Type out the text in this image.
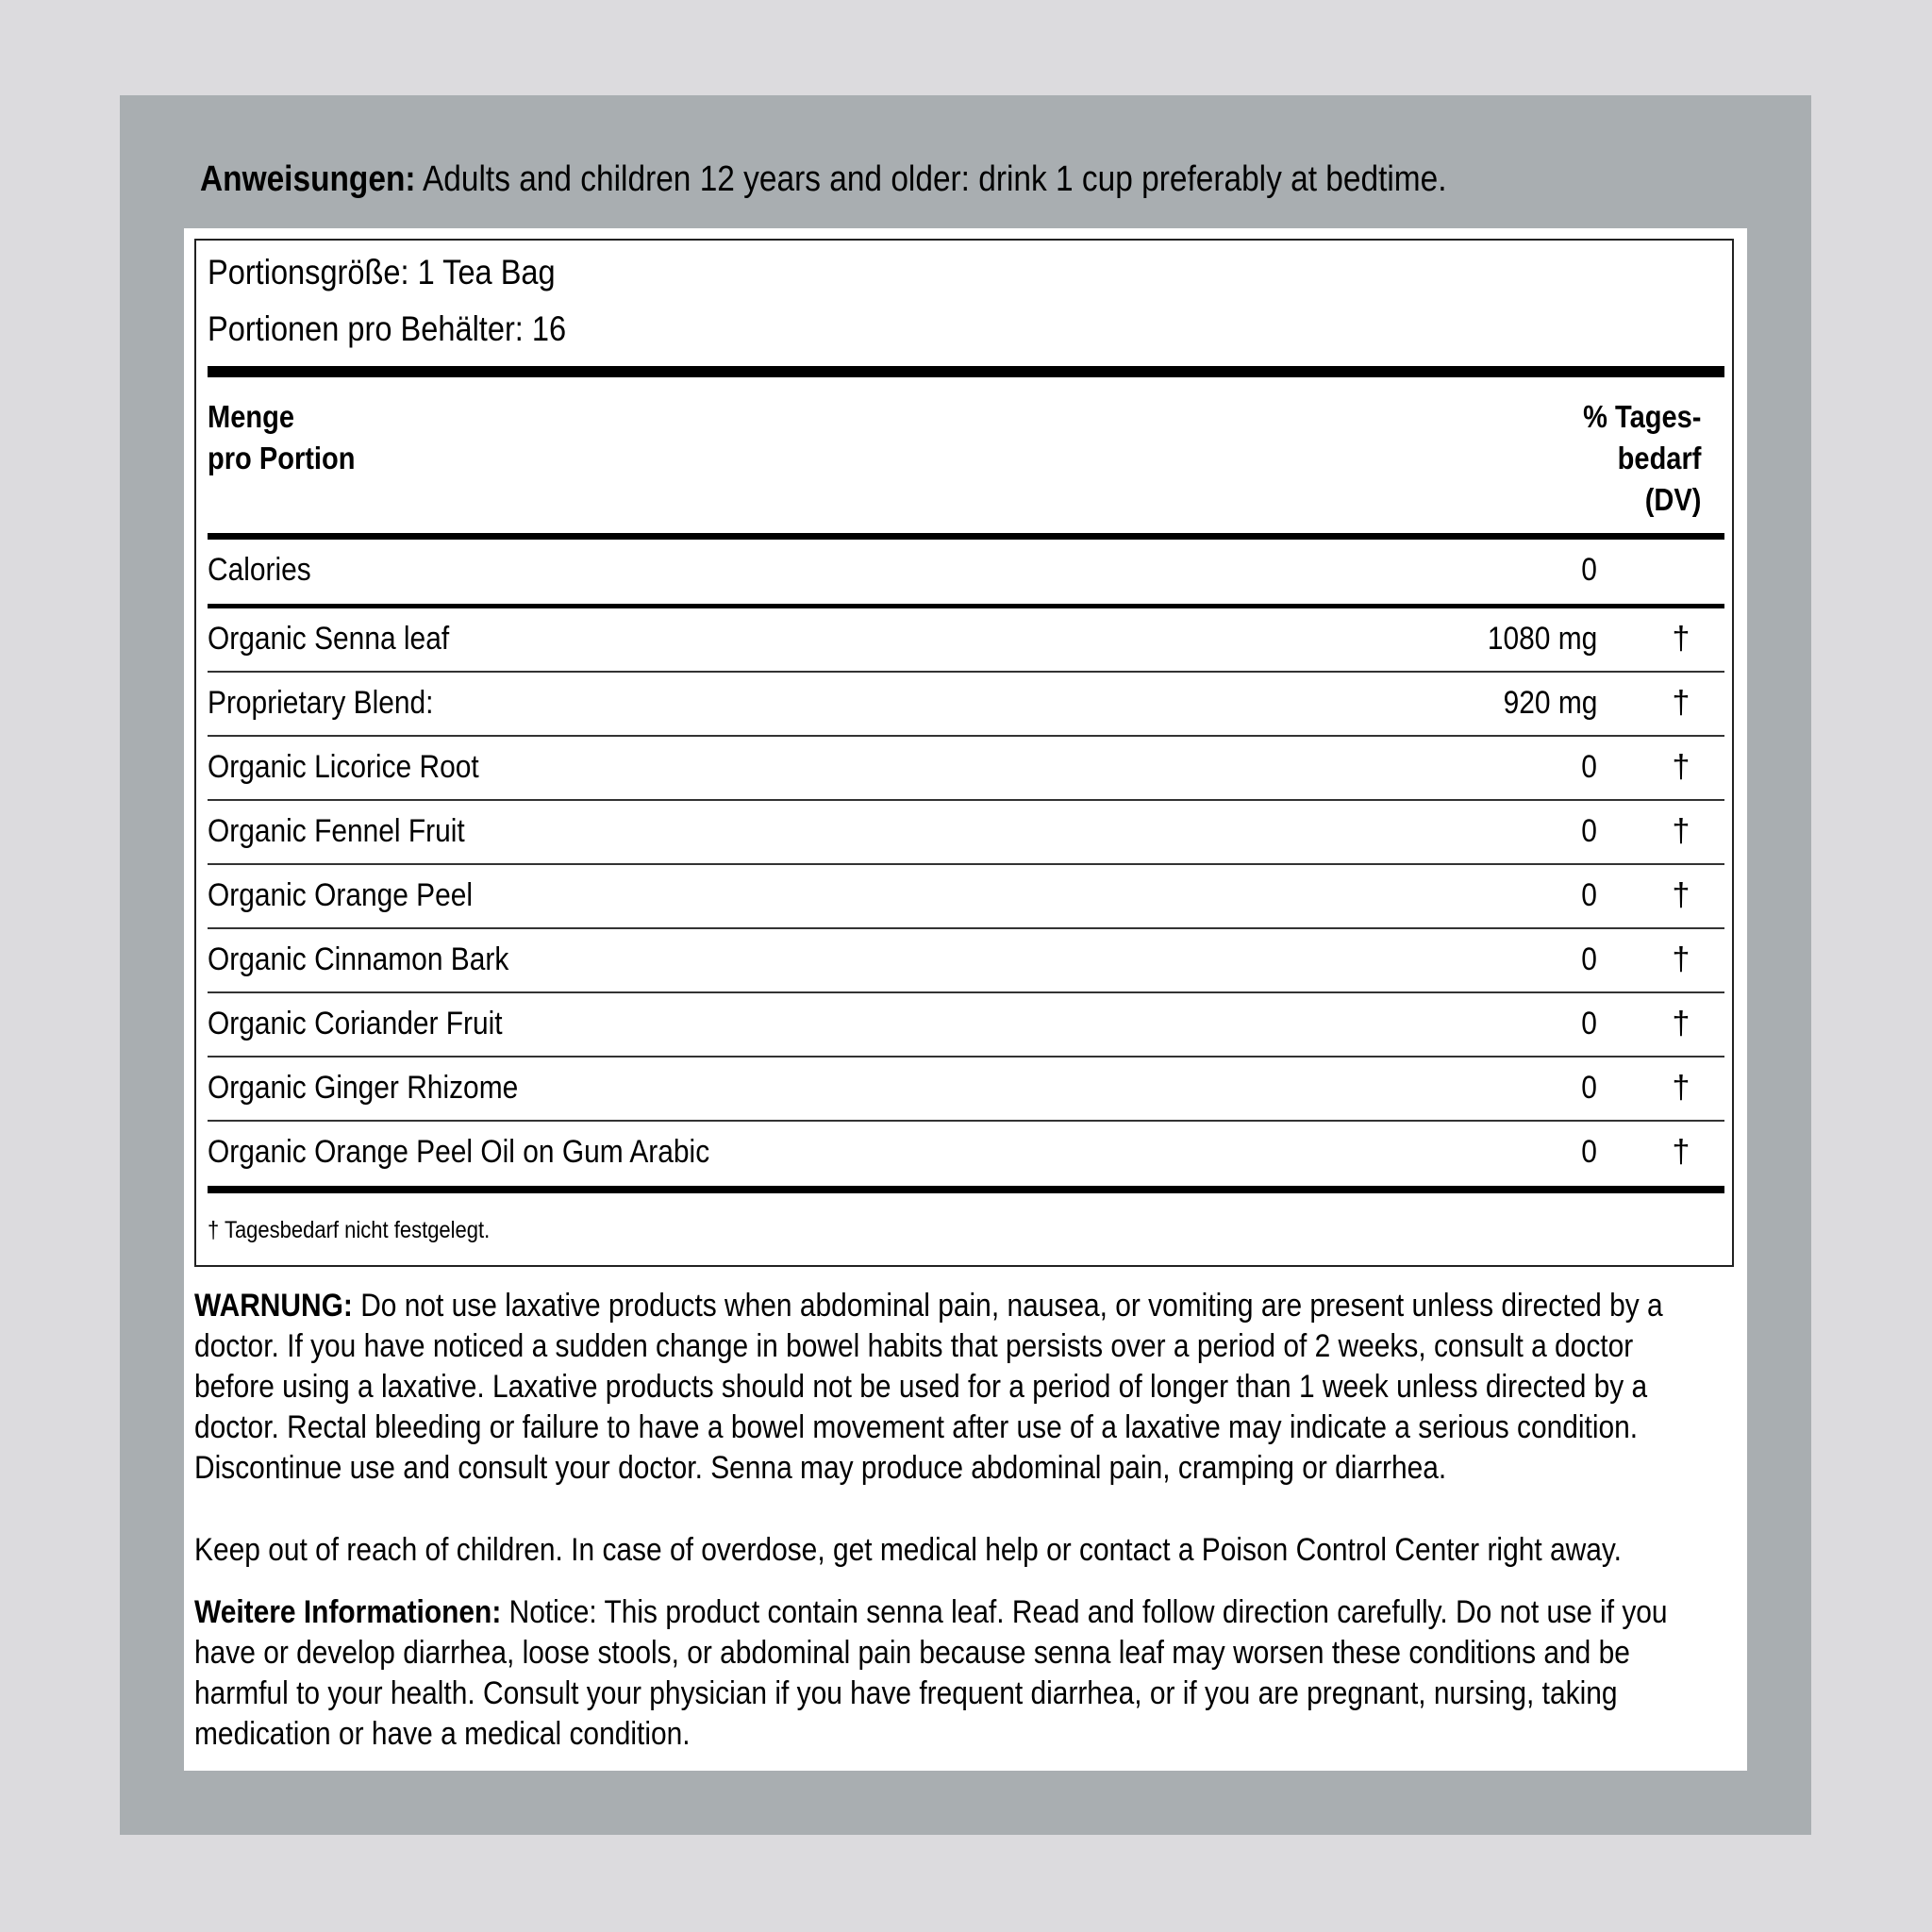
Anweisungen: Adults and children 12 years and older: drink 1 cup preferably at bedtime.
Portionsgröße: 1 Tea Bag
Portionen pro Behälter: 16
Menge
pro Portion
% Tages-
bedarf
(DV)
Calories	0
Organic Senna leaf	1080 mg †
Proprietary Blend:	920 mg †
Organic Licorice Root	0 †
Organic Fennel Fruit	0 †
Organic Orange Peel	0 †
Organic Cinnamon Bark	0 †
Organic Coriander Fruit	0 †
Organic Ginger Rhizome	0 †
Organic Orange Peel Oil on Gum Arabic	0 †
† Tagesbedarf nicht festgelegt.
WARNUNG: Do not use laxative products when abdominal pain, nausea, or vomiting are present unless directed by a doctor. If you have noticed a sudden change in bowel habits that persists over a period of 2 weeks, consult a doctor before using a laxative. Laxative products should not be used for a period of longer than 1 week unless directed by a doctor. Rectal bleeding or failure to have a bowel movement after use of a laxative may indicate a serious condition. Discontinue use and consult your doctor. Senna may produce abdominal pain, cramping or diarrhea.
Keep out of reach of children. In case of overdose, get medical help or contact a Poison Control Center right away.
Weitere Informationen: Notice: This product contain senna leaf. Read and follow direction carefully. Do not use if you have or develop diarrhea, loose stools, or abdominal pain because senna leaf may worsen these conditions and be harmful to your health. Consult your physician if you have frequent diarrhea, or if you are pregnant, nursing, taking medication or have a medical condition.
